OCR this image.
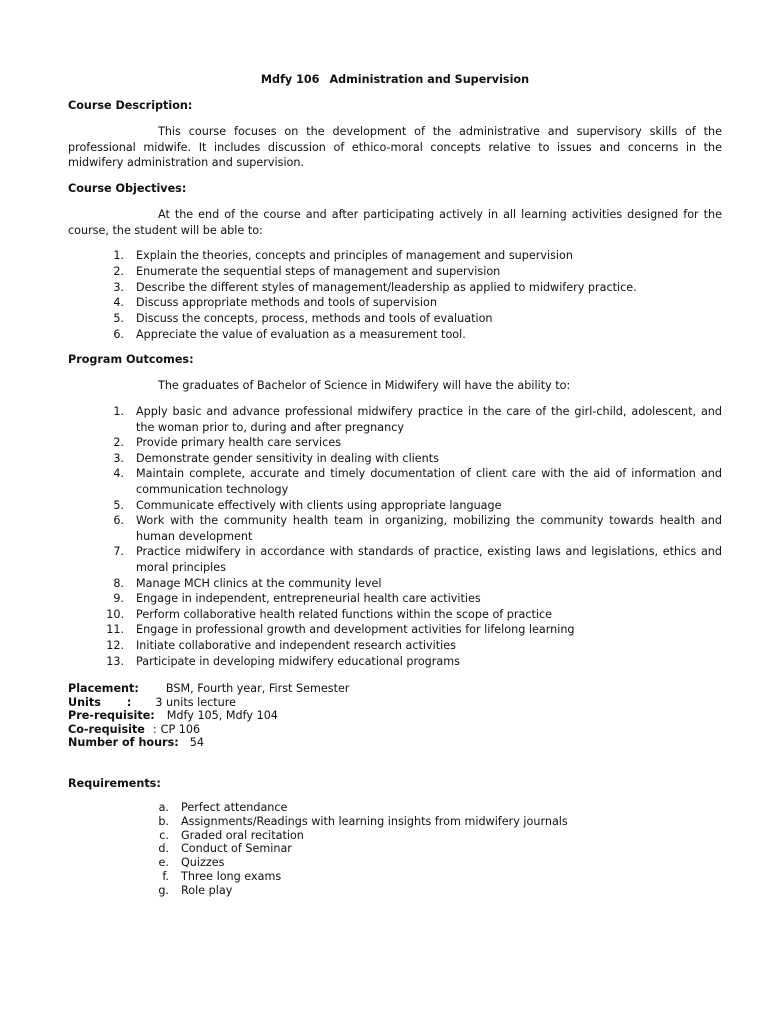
Mdfy 106 Administration and Supervision
Course Description:
This course focuses on the development of the administrative and supervisory skills of the professional midwife. It includes discussion of ethico-moral concepts relative to issues and concerns in the midwifery administration and supervision.
Course Objectives:
At the end of the course and after participating actively in all learning activities designed for the course, the student will be able to:
1. Explain the theories, concepts and principles of management and supervision
2. Enumerate the sequential steps of management and supervision
3. Describe the different styles of management/leadership as applied to midwifery practice.
4. Discuss appropriate methods and tools of supervision
5. Discuss the concepts, process, methods and tools of evaluation
6. Appreciate the value of evaluation as a measurement tool.
Program Outcomes:
The graduates of Bachelor of Science in Midwifery will have the ability to:
1. Apply basic and advance professional midwifery practice in the care of the girl-child, adolescent, and the woman prior to, during and after pregnancy
2. Provide primary health care services
3. Demonstrate gender sensitivity in dealing with clients
4. Maintain complete, accurate and timely documentation of client care with the aid of information and communication technology
5. Communicate effectively with clients using appropriate language
6. Work with the community health team in organizing, mobilizing the community towards health and human development
7. Practice midwifery in accordance with standards of practice, existing laws and legislations, ethics and moral principles
8. Manage MCH clinics at the community level
9. Engage in independent, entrepreneurial health care activities
10. Perform collaborative health related functions within the scope of practice
11. Engage in professional growth and development activities for lifelong learning
12. Initiate collaborative and independent research activities
13. Participate in developing midwifery educational programs
Placement: BSM, Fourth year, First Semester
Units : 3 units lecture
Pre-requisite: Mdfy 105, Mdfy 104
Co-requisite : CP 106
Number of hours: 54
Requirements:
a. Perfect attendance
b. Assignments/Readings with learning insights from midwifery journals
c. Graded oral recitation
d. Conduct of Seminar
e. Quizzes
f. Three long exams
g. Role play
